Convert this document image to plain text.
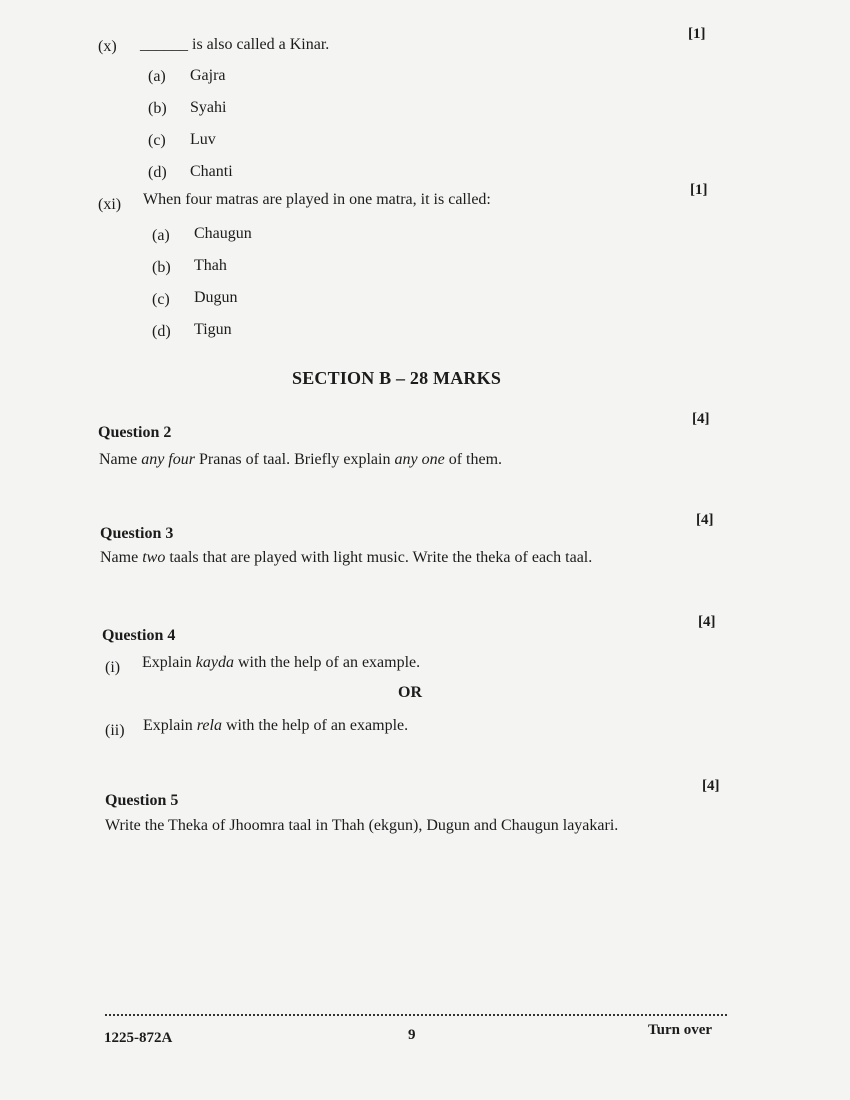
(x) ______ is also called a Kinar.
[1]
(a) Gajra
(b) Syahi
(c) Luv
(d) Chanti
(xi) When four matras are played in one matra, it is called:
[1]
(a) Chaugun
(b) Thah
(c) Dugun
(d) Tigun
SECTION B – 28 MARKS
Question 2
[4]
Name any four Pranas of taal. Briefly explain any one of them.
Question 3
[4]
Name two taals that are played with light music. Write the theka of each taal.
Question 4
[4]
(i) Explain kayda with the help of an example.
OR
(ii) Explain rela with the help of an example.
Question 5
[4]
Write the Theka of Jhoomra taal in Thah (ekgun), Dugun and Chaugun layakari.
1225-872A	9	Turn over
